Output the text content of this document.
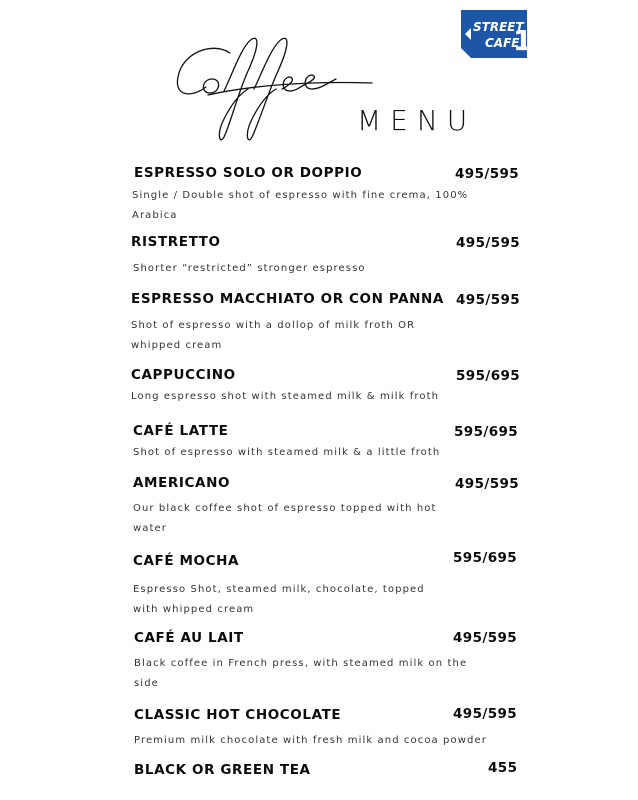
STREET
CAFE
1
MENU
ESPRESSO SOLO OR DOPPIO	495/595
Single / Double shot of espresso with fine crema, 100% Arabica
RISTRETTO	495/595
Shorter “restricted” stronger espresso
ESPRESSO MACCHIATO OR CON PANNA 495/595
Shot of espresso with a dollop of milk froth OR whipped cream
CAPPUCCINO	595/695
Long espresso shot with steamed milk & milk froth
CAFÉ LATTE	595/695
Shot of espresso with steamed milk & a little froth
AMERICANO	495/595
Our black coffee shot of espresso topped with hot water
CAFÉ MOCHA	595/695
Espresso Shot, steamed milk, chocolate, topped with whipped cream
CAFÉ AU LAIT	495/595
Black coffee in French press, with steamed milk on the side
CLASSIC HOT CHOCOLATE	495/595
Premium milk chocolate with fresh milk and cocoa powder
BLACK OR GREEN TEA	455
